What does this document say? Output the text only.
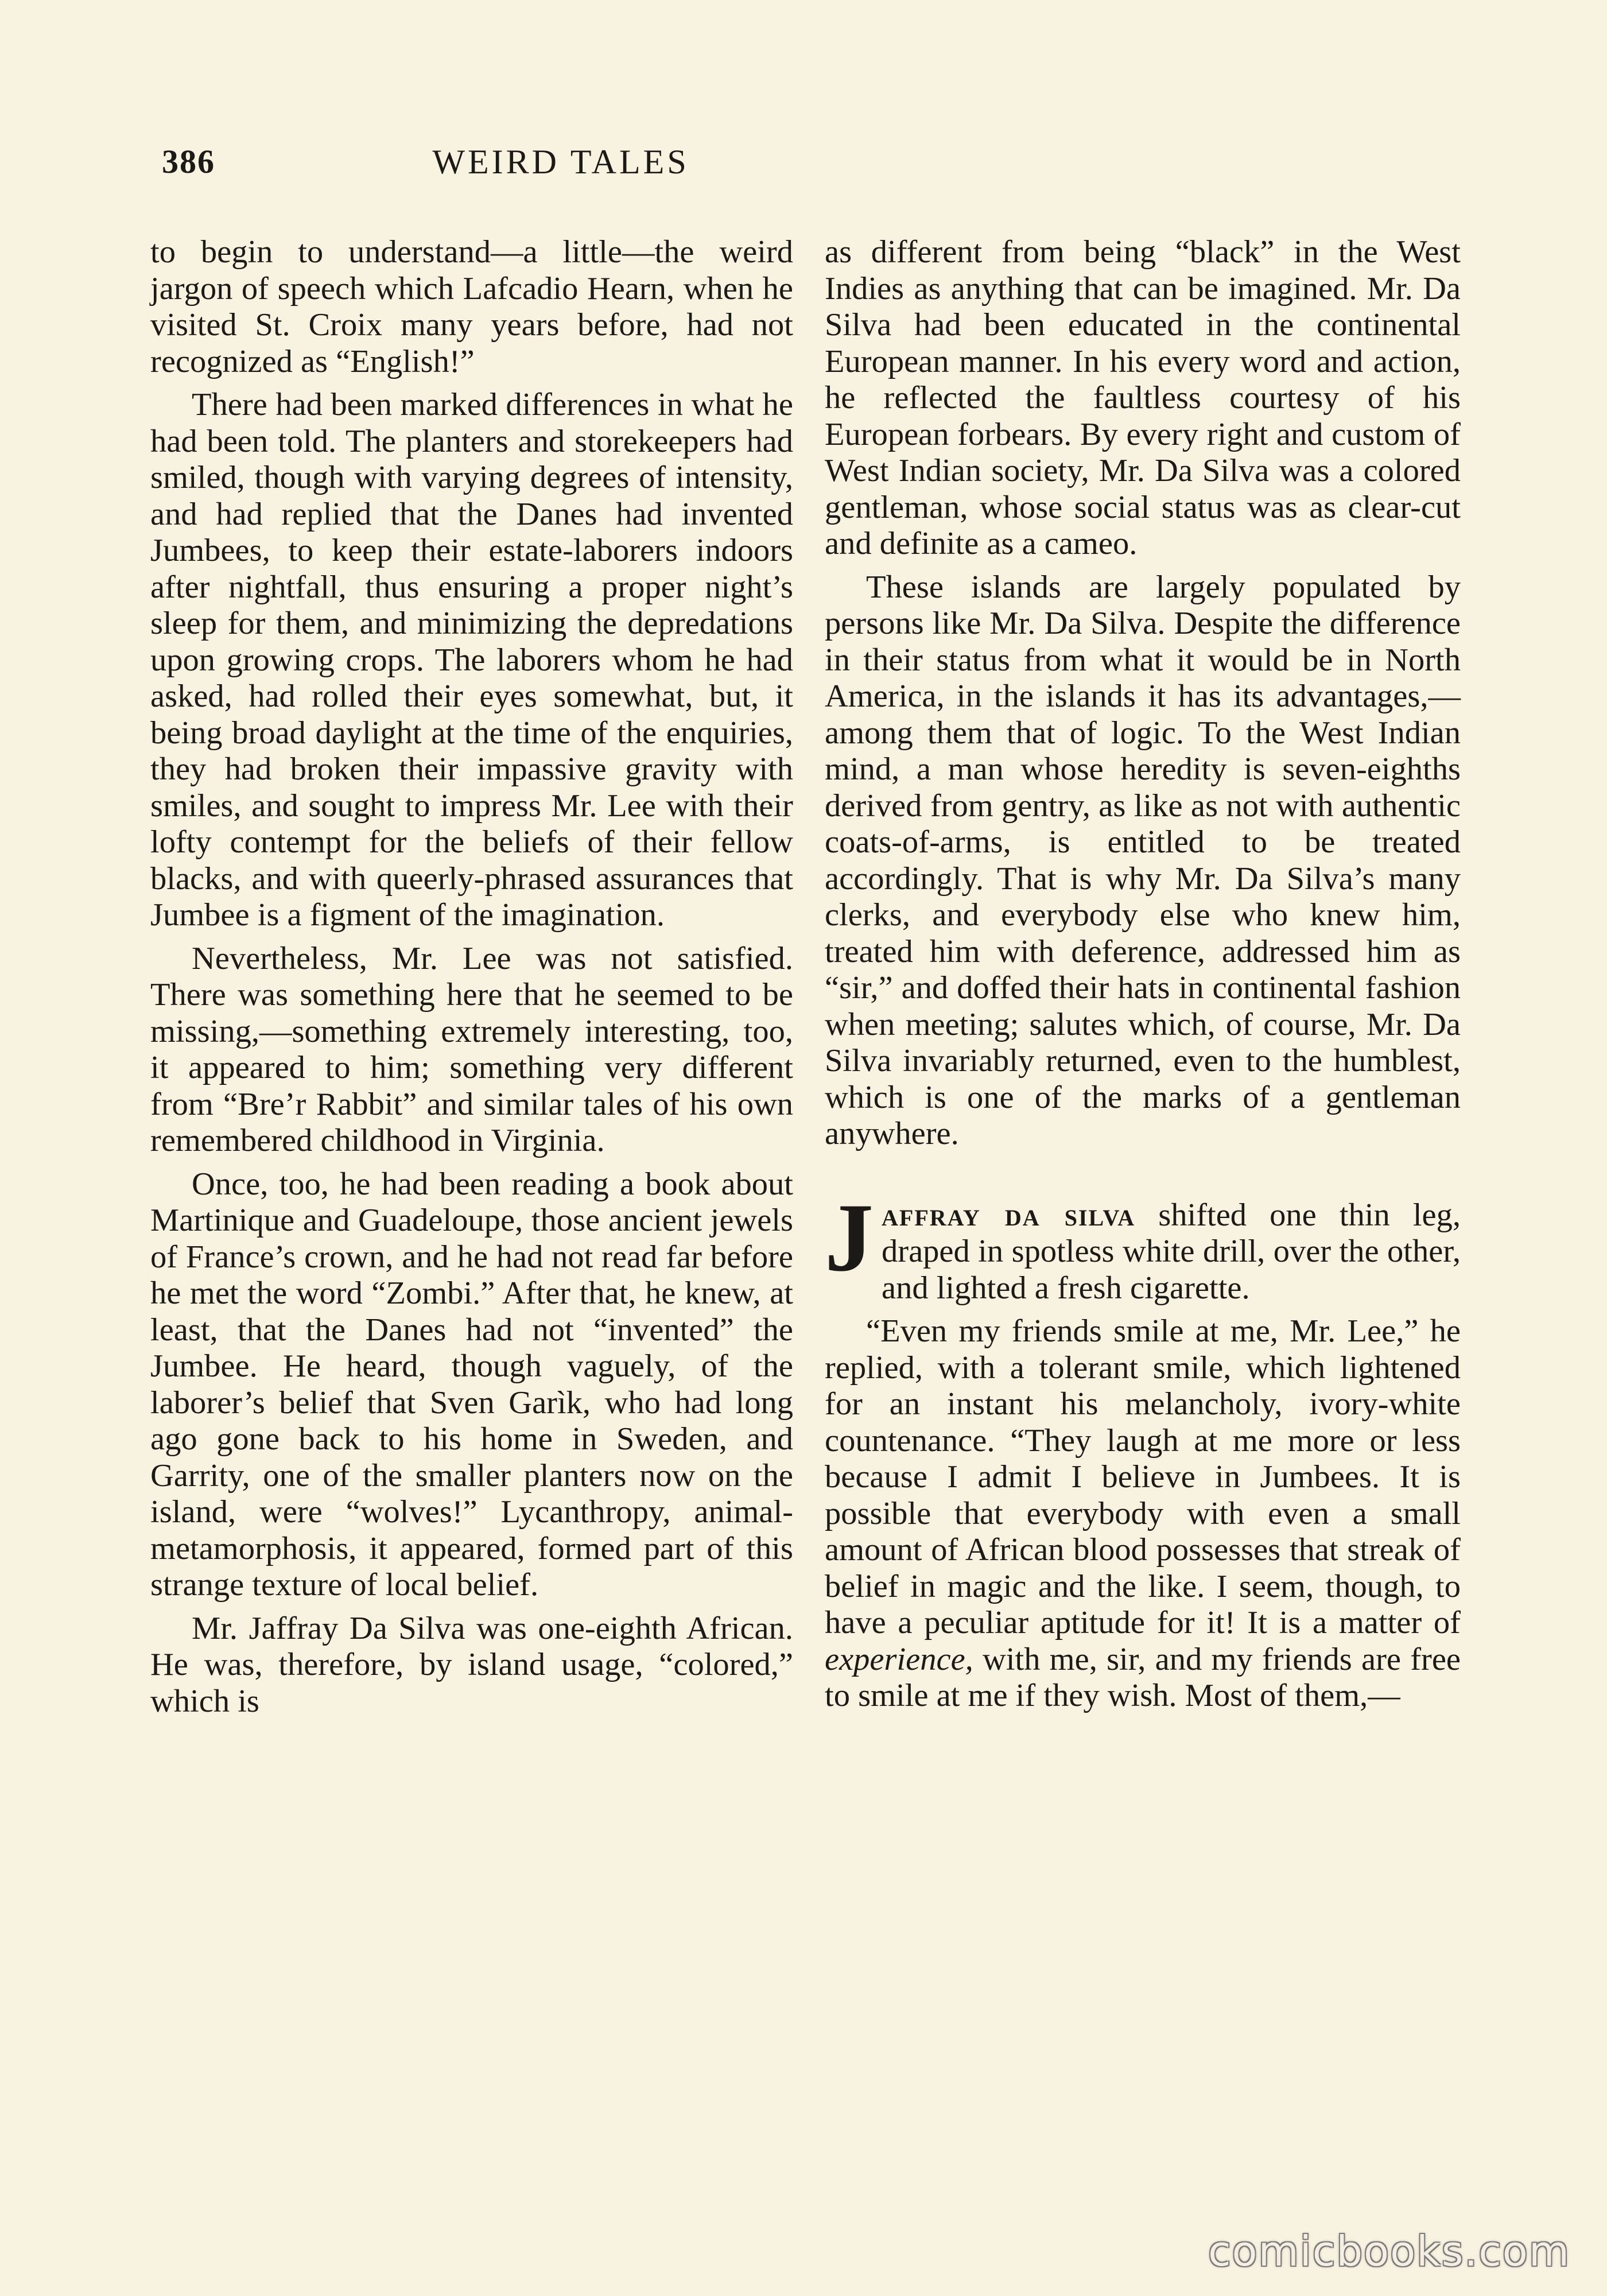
386	WEIRD TALES

to begin to understand—a little—the weird jargon of speech which Lafcadio Hearn, when he visited St. Croix many years before, had not recognized as “English!”

There had been marked differences in what he had been told. The planters and storekeepers had smiled, though with varying degrees of intensity, and had replied that the Danes had invented Jumbees, to keep their estate-laborers indoors after nightfall, thus ensuring a proper night’s sleep for them, and minimizing the depredations upon growing crops. The laborers whom he had asked, had rolled their eyes somewhat, but, it being broad daylight at the time of the enquiries, they had broken their impassive gravity with smiles, and sought to impress Mr. Lee with their lofty contempt for the beliefs of their fellow blacks, and with queerly-phrased assurances that Jumbee is a figment of the imagination.

Nevertheless, Mr. Lee was not satisfied. There was something here that he seemed to be missing,—something extremely interesting, too, it appeared to him; something very different from “Bre’r Rabbit” and similar tales of his own remembered childhood in Virginia.

Once, too, he had been reading a book about Martinique and Guadeloupe, those ancient jewels of France’s crown, and he had not read far before he met the word “Zombi.” After that, he knew, at least, that the Danes had not “invented” the Jumbee. He heard, though vaguely, of the laborer’s belief that Sven Garìk, who had long ago gone back to his home in Sweden, and Garrity, one of the smaller planters now on the island, were “wolves!” Lycanthropy, animal-metamorphosis, it appeared, formed part of this strange texture of local belief.

Mr. Jaffray Da Silva was one-eighth African. He was, therefore, by island usage, “colored,” which is

as different from being “black” in the West Indies as anything that can be imagined. Mr. Da Silva had been educated in the continental European manner. In his every word and action, he reflected the faultless courtesy of his European forbears. By every right and custom of West Indian society, Mr. Da Silva was a colored gentleman, whose social status was as clear-cut and definite as a cameo.

These islands are largely populated by persons like Mr. Da Silva. Despite the difference in their status from what it would be in North America, in the islands it has its advantages,—among them that of logic. To the West Indian mind, a man whose heredity is seven-eighths derived from gentry, as like as not with authentic coats-of-arms, is entitled to be treated accordingly. That is why Mr. Da Silva’s many clerks, and everybody else who knew him, treated him with deference, addressed him as “sir,” and doffed their hats in continental fashion when meeting; salutes which, of course, Mr. Da Silva invariably returned, even to the humblest, which is one of the marks of a gentleman anywhere.

Jaffray da silva shifted one thin leg, draped in spotless white drill, over the other, and lighted a fresh cigarette.

“Even my friends smile at me, Mr. Lee,” he replied, with a tolerant smile, which lightened for an instant his melancholy, ivory-white countenance. “They laugh at me more or less because I admit I believe in Jumbees. It is possible that everybody with even a small amount of African blood possesses that streak of belief in magic and the like. I seem, though, to have a peculiar aptitude for it! It is a matter of experience, with me, sir, and my friends are free to smile at me if they wish. Most of them,—

comicbooks.com
